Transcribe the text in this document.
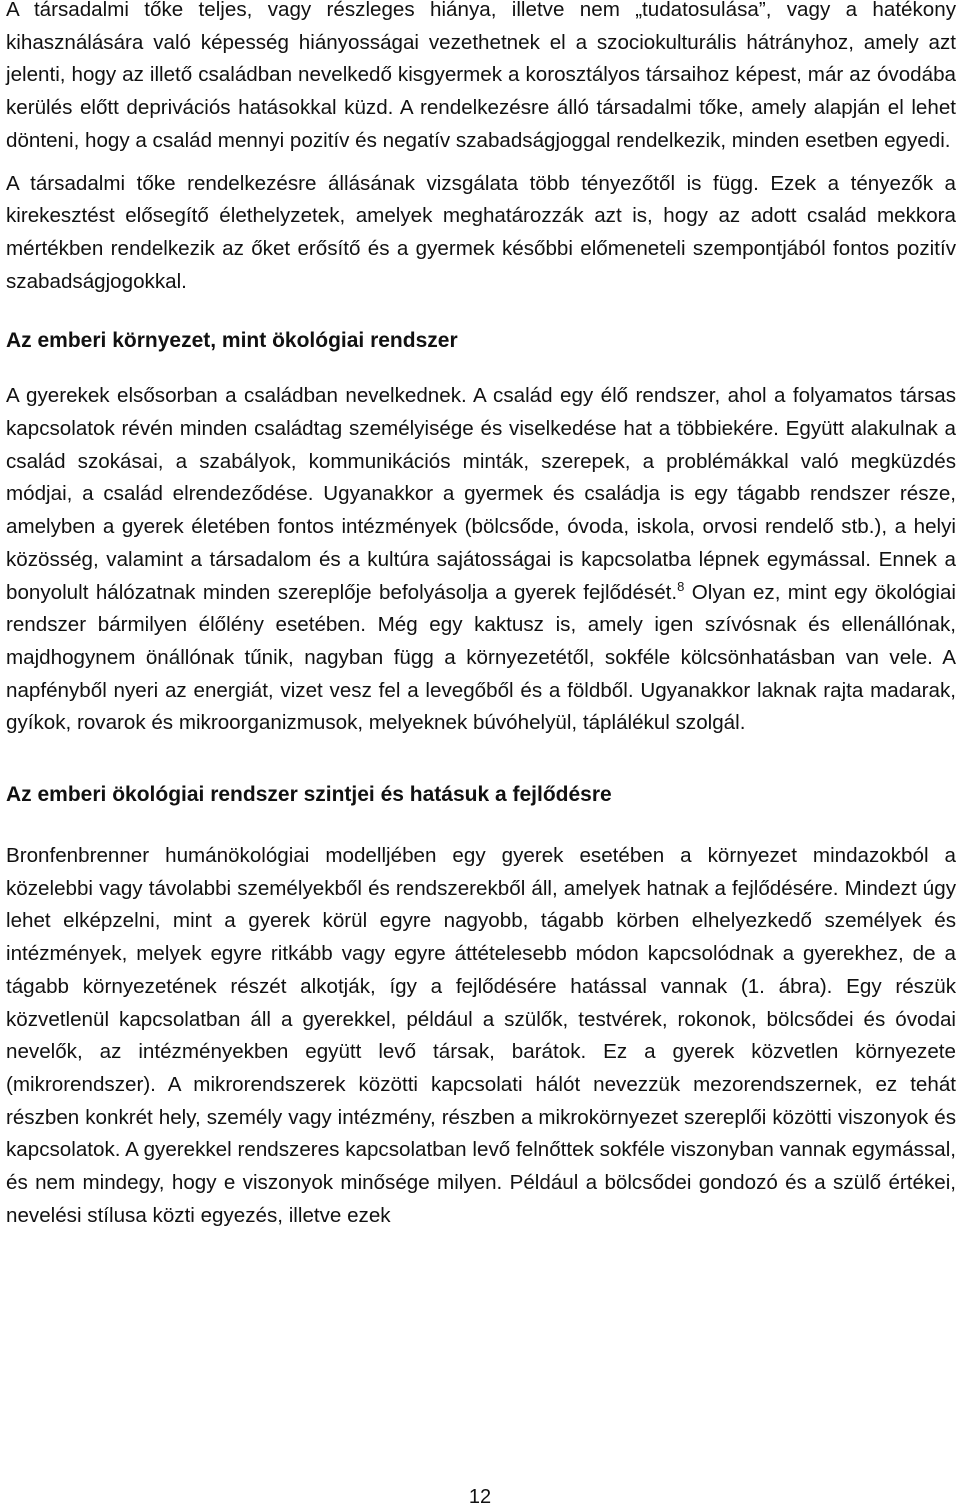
A társadalmi tőke teljes, vagy részleges hiánya, illetve nem „tudatosulása”, vagy a hatékony kihasználására való képesség hiányosságai vezethetnek el a szociokulturális hátrányhoz, amely azt jelenti, hogy az illető családban nevelkedő kisgyermek a korosztályos társaihoz képest, már az óvodába kerülés előtt deprivációs hatásokkal küzd. A rendelkezésre álló társadalmi tőke, amely alapján el lehet dönteni, hogy a család mennyi pozitív és negatív szabadságjoggal rendelkezik, minden esetben egyedi.

A társadalmi tőke rendelkezésre állásának vizsgálata több tényezőtől is függ. Ezek a tényezők a kirekesztést elősegítő élethelyzetek, amelyek meghatározzák azt is, hogy az adott család mekkora mértékben rendelkezik az őket erősítő és a gyermek későbbi előmeneteli szempontjából fontos pozitív szabadságjogokkal.

Az emberi környezet, mint ökológiai rendszer

A gyerekek elsősorban a családban nevelkednek. A család egy élő rendszer, ahol a folyamatos társas kapcsolatok révén minden családtag személyisége és viselkedése hat a többiekére. Együtt alakulnak a család szokásai, a szabályok, kommunikációs minták, szerepek, a problémákkal való megküzdés módjai, a család elrendeződése. Ugyanakkor a gyermek és családja is egy tágabb rendszer része, amelyben a gyerek életében fontos intézmények (bölcsőde, óvoda, iskola, orvosi rendelő stb.), a helyi közösség, valamint a társadalom és a kultúra sajátosságai is kapcsolatba lépnek egymással. Ennek a bonyolult hálózatnak minden szereplője befolyásolja a gyerek fejlődését.$^8$ Olyan ez, mint egy ökológiai rendszer bármilyen élőlény esetében. Még egy kaktusz is, amely igen szívósnak és ellenállónak, majdhogynem önállónak tűnik, nagyban függ a környezetétől, sokféle kölcsönhatásban van vele. A napfényből nyeri az energiát, vizet vesz fel a levegőből és a földből. Ugyanakkor laknak rajta madarak, gyíkok, rovarok és mikroorganizmusok, melyeknek búvóhelyül, táplálékul szolgál.

Az emberi ökológiai rendszer szintjei és hatásuk a fejlődésre

Bronfenbrenner humánökológiai modelljében egy gyerek esetében a környezet mindazokból a közelebbi vagy távolabbi személyekből és rendszerekből áll, amelyek hatnak a fejlődésére. Mindezt úgy lehet elképzelni, mint a gyerek körül egyre nagyobb, tágabb körben elhelyezkedő személyek és intézmények, melyek egyre ritkább vagy egyre áttételesebb módon kapcsolódnak a gyerekhez, de a tágabb környezetének részét alkotják, így a fejlődésére hatással vannak (1. ábra). Egy részük közvetlenül kapcsolatban áll a gyerekkel, például a szülők, testvérek, rokonok, bölcsődei és óvodai nevelők, az intézményekben együtt levő társak, barátok. Ez a gyerek közvetlen környezete (mikrorendszer). A mikrorendszerek közötti kapcsolati hálót nevezzük mezorendszernek, ez tehát részben konkrét hely, személy vagy intézmény, részben a mikrokörnyezet szereplői közötti viszonyok és kapcsolatok. A gyerekkel rendszeres kapcsolatban levő felnőttek sokféle viszonyban vannak egymással, és nem mindegy, hogy e viszonyok minősége milyen. Például a bölcsődei gondozó és a szülő értékei, nevelési stílusa közti egyezés, illetve ezek

12
